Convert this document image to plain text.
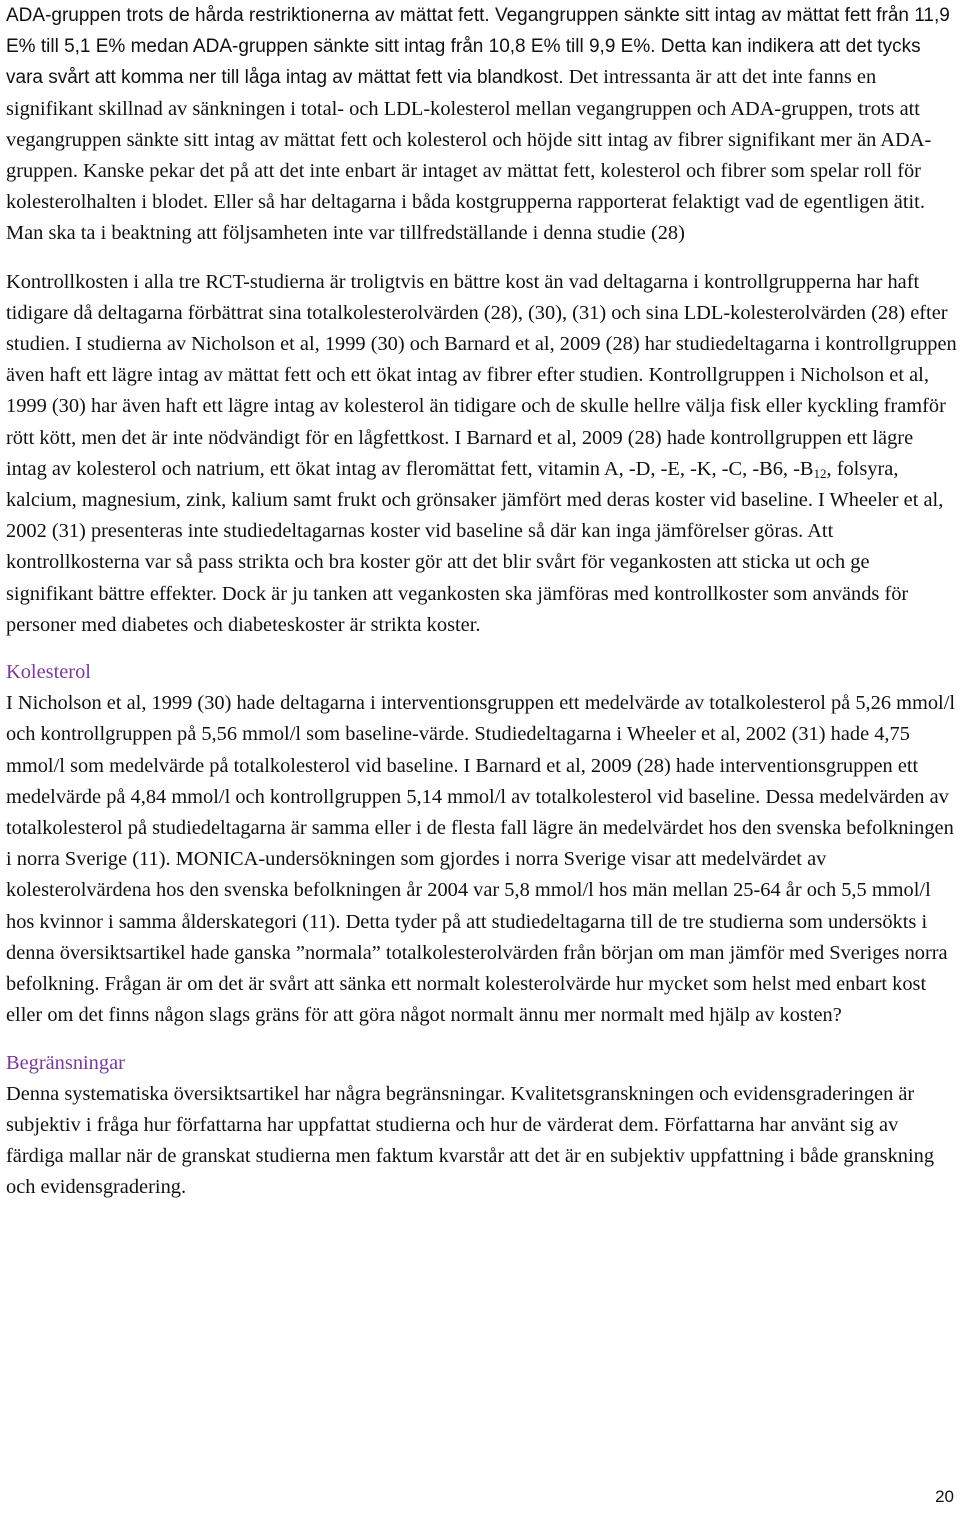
ADA-gruppen trots de hårda restriktionerna av mättat fett. Vegangruppen sänkte sitt intag av mättat fett från 11,9 E% till 5,1 E% medan ADA-gruppen sänkte sitt intag från 10,8 E% till 9,9 E%. Detta kan indikera att det tycks vara svårt att komma ner till låga intag av mättat fett via blandkost. Det intressanta är att det inte fanns en signifikant skillnad av sänkningen i total- och LDL-kolesterol mellan vegangruppen och ADA-gruppen, trots att vegangruppen sänkte sitt intag av mättat fett och kolesterol och höjde sitt intag av fibrer signifikant mer än ADA-gruppen. Kanske pekar det på att det inte enbart är intaget av mättat fett, kolesterol och fibrer som spelar roll för kolesterolhalten i blodet. Eller så har deltagarna i båda kostgrupperna rapporterat felaktigt vad de egentligen ätit. Man ska ta i beaktning att följsamheten inte var tillfredställande i denna studie (28)

Kontrollkosten i alla tre RCT-studierna är troligtvis en bättre kost än vad deltagarna i kontrollgrupperna har haft tidigare då deltagarna förbättrat sina totalkolesterolvärden (28), (30), (31) och sina LDL-kolesterolvärden (28) efter studien. I studierna av Nicholson et al, 1999 (30) och Barnard et al, 2009 (28) har studiedeltagarna i kontrollgruppen även haft ett lägre intag av mättat fett och ett ökat intag av fibrer efter studien. Kontrollgruppen i Nicholson et al, 1999 (30) har även haft ett lägre intag av kolesterol än tidigare och de skulle hellre välja fisk eller kyckling framför rött kött, men det är inte nödvändigt för en lågfettkost. I Barnard et al, 2009 (28) hade kontrollgruppen ett lägre intag av kolesterol och natrium, ett ökat intag av fleromättat fett, vitamin A, -D, -E, -K, -C, -B6, $-B_{12}$, folsyra, kalcium, magnesium, zink, kalium samt frukt och grönsaker jämfört med deras koster vid baseline. I Wheeler et al, 2002 (31) presenteras inte studiedeltagarnas koster vid baseline så där kan inga jämförelser göras. Att kontrollkosterna var så pass strikta och bra koster gör att det blir svårt för vegankosten att sticka ut och ge signifikant bättre effekter. Dock är ju tanken att vegankosten ska jämföras med kontrollkoster som används för personer med diabetes och diabeteskoster är strikta koster.

Kolesterol

I Nicholson et al, 1999 (30) hade deltagarna i interventionsgruppen ett medelvärde av totalkolesterol på 5,26 mmol/l och kontrollgruppen på 5,56 mmol/l som baseline-värde. Studiedeltagarna i Wheeler et al, 2002 (31) hade 4,75 mmol/l som medelvärde på totalkolesterol vid baseline. I Barnard et al, 2009 (28) hade interventionsgruppen ett medelvärde på 4,84 mmol/l och kontrollgruppen 5,14 mmol/l av totalkolesterol vid baseline. Dessa medelvärden av totalkolesterol på studiedeltagarna är samma eller i de flesta fall lägre än medelvärdet hos den svenska befolkningen i norra Sverige (11). MONICA-undersökningen som gjordes i norra Sverige visar att medelvärdet av kolesterolvärdena hos den svenska befolkningen år 2004 var 5,8 mmol/l hos män mellan 25-64 år och 5,5 mmol/l hos kvinnor i samma ålderskategori (11). Detta tyder på att studiedeltagarna till de tre studierna som undersökts i denna översiktsartikel hade ganska ”normala” totalkolesterolvärden från början om man jämför med Sveriges norra befolkning. Frågan är om det är svårt att sänka ett normalt kolesterolvärde hur mycket som helst med enbart kost eller om det finns någon slags gräns för att göra något normalt ännu mer normalt med hjälp av kosten?

Begränsningar

Denna systematiska översiktsartikel har några begränsningar. Kvalitetsgranskningen och evidensgraderingen är subjektiv i fråga hur författarna har uppfattat studierna och hur de värderat dem. Författarna har använt sig av färdiga mallar när de granskat studierna men faktum kvarstår att det är en subjektiv uppfattning i både granskning och evidensgradering.

20
